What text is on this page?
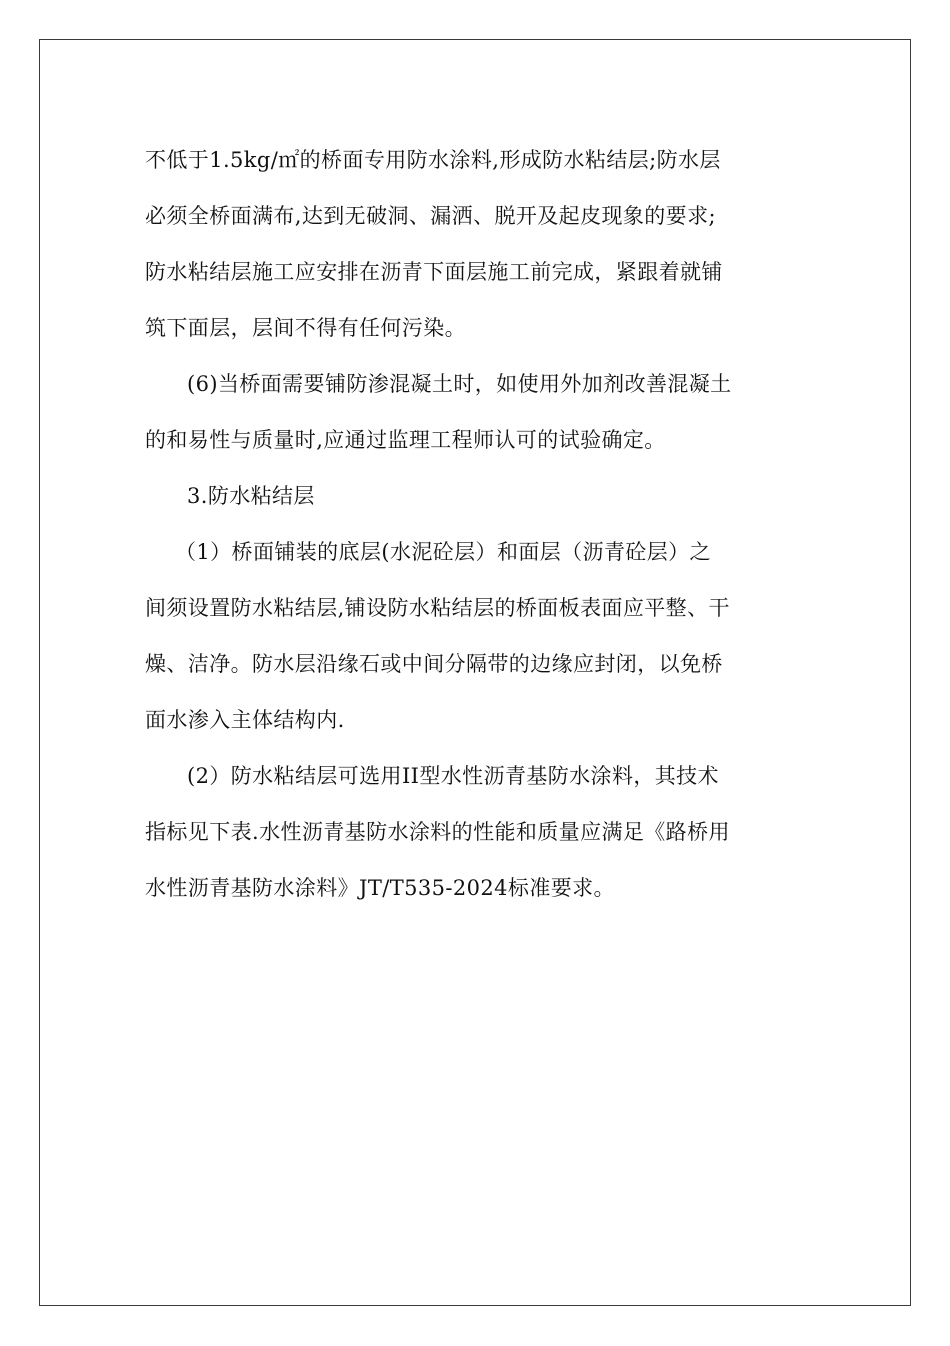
不低于1.5kg/㎡的桥面专用防水涂料,形成防水粘结层;防水层
必须全桥面满布,达到无破洞、漏洒、脱开及起皮现象的要求;
防水粘结层施工应安排在沥青下面层施工前完成，紧跟着就铺
筑下面层，层间不得有任何污染。
(6)当桥面需要铺防渗混凝土时，如使用外加剂改善混凝土
的和易性与质量时,应通过监理工程师认可的试验确定。
3.防水粘结层
（1）桥面铺装的底层(水泥砼层）和面层（沥青砼层）之
间须设置防水粘结层,铺设防水粘结层的桥面板表面应平整、干
燥、洁净。防水层沿缘石或中间分隔带的边缘应封闭，以免桥
面水渗入主体结构内.
(2）防水粘结层可选用II型水性沥青基防水涂料，其技术
指标见下表.水性沥青基防水涂料的性能和质量应满足《路桥用
水性沥青基防水涂料》JT/T535-2024标准要求。
